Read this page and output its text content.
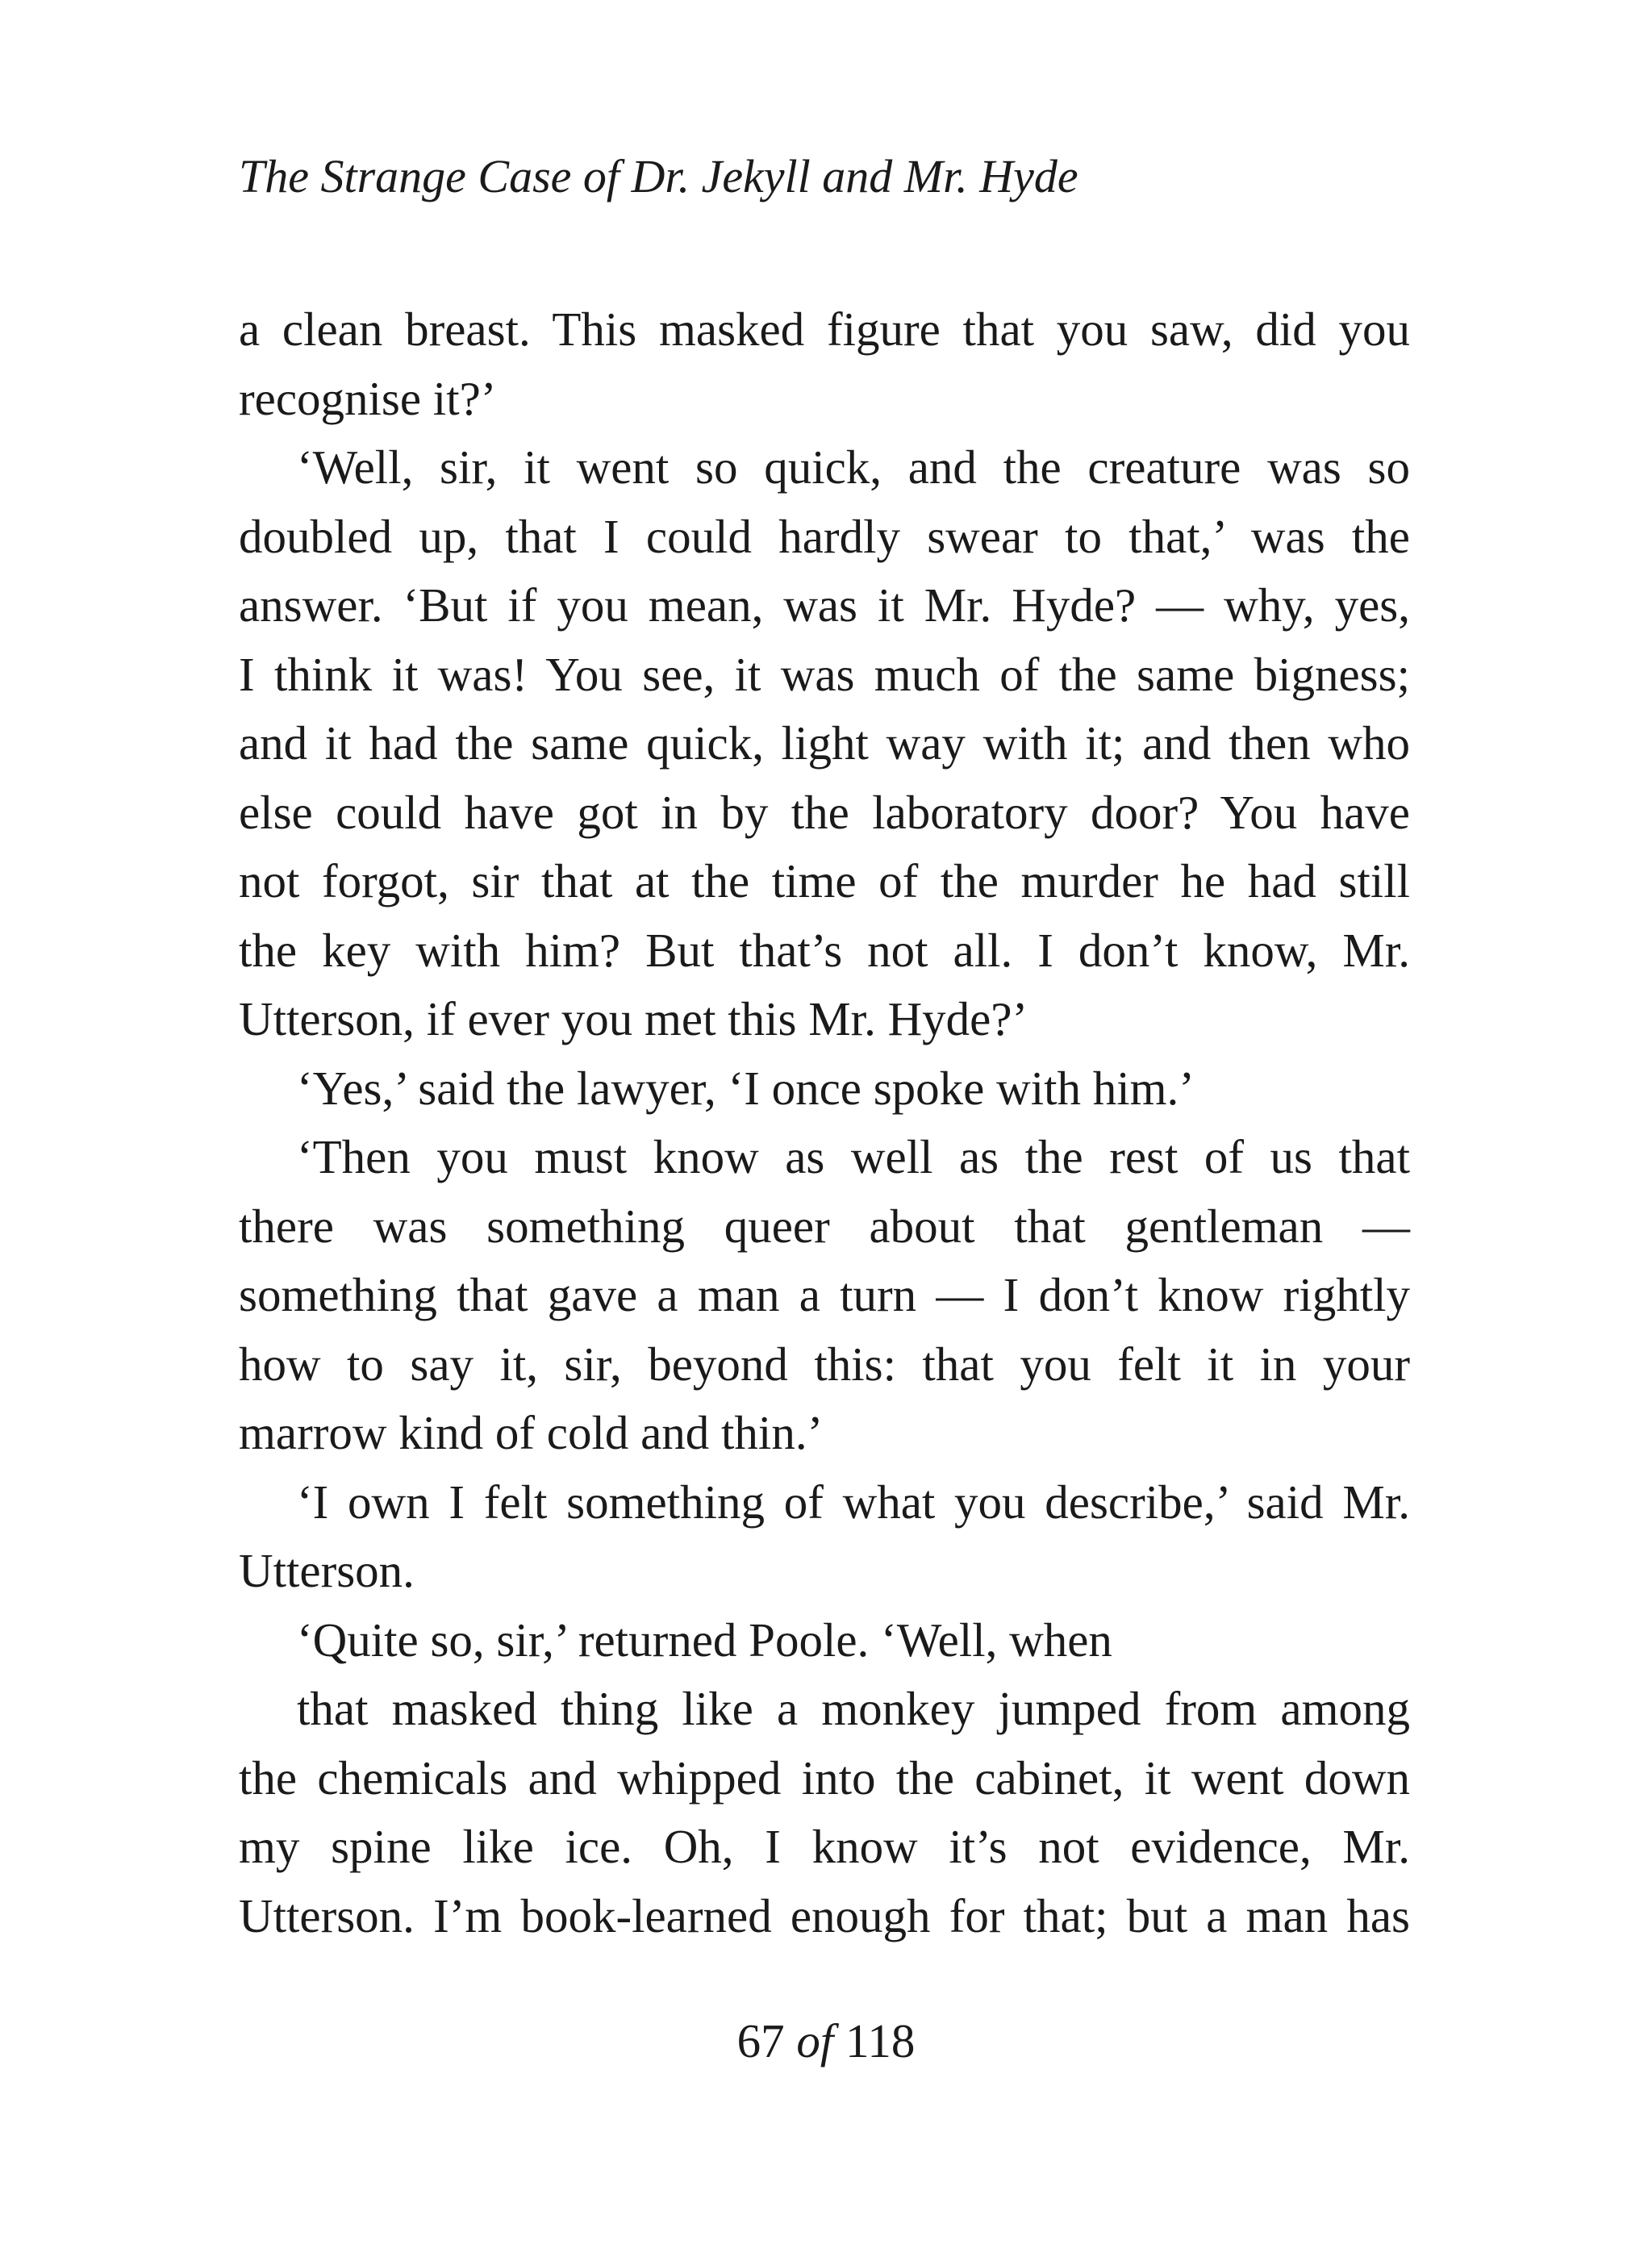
The Strange Case of Dr. Jekyll and Mr. Hyde
a clean breast. This masked figure that you saw, did you
recognise it?’
‘Well, sir, it went so quick, and the creature was so
doubled up, that I could hardly swear to that,’ was the
answer. ‘But if you mean, was it Mr. Hyde? — why, yes,
I think it was! You see, it was much of the same bigness;
and it had the same quick, light way with it; and then who
else could have got in by the laboratory door? You have
not forgot, sir that at the time of the murder he had still
the key with him? But that’s not all. I don’t know, Mr.
Utterson, if ever you met this Mr. Hyde?’
‘Yes,’ said the lawyer, ‘I once spoke with him.’
‘Then you must know as well as the rest of us that
there was something queer about that gentleman —
something that gave a man a turn — I don’t know rightly
how to say it, sir, beyond this: that you felt it in your
marrow kind of cold and thin.’
‘I own I felt something of what you describe,’ said Mr.
Utterson.
‘Quite so, sir,’ returned Poole. ‘Well, when
that masked thing like a monkey jumped from among
the chemicals and whipped into the cabinet, it went down
my spine like ice. Oh, I know it’s not evidence, Mr.
Utterson. I’m book-learned enough for that; but a man has
67 of 118
